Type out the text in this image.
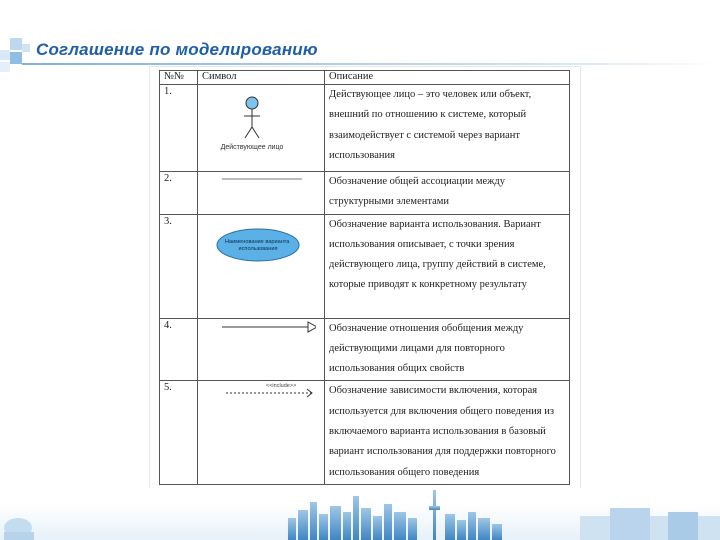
Соглашение по моделированию
№№	Символ	Описание
1.	Действующее лицо	Действующее лицо – это человек или объект, внешний по отношению к системе, который взаимодействует с системой через вариант использования
2.		Обозначение общей ассоциации между структурными элементами
3.	Наименование варианта использования	Обозначение варианта использования. Вариант использования описывает, с точки зрения действующего лица, группу действий в системе, которые приводят к конкретному результату
4.		Обозначение отношения обобщения между действующими лицами для повторного использования общих свойств
5.	<<include>>	Обозначение зависимости включения, которая используется для включения общего поведения из включаемого варианта использования в базовый вариант использования для поддержки повторного использования общего поведения
